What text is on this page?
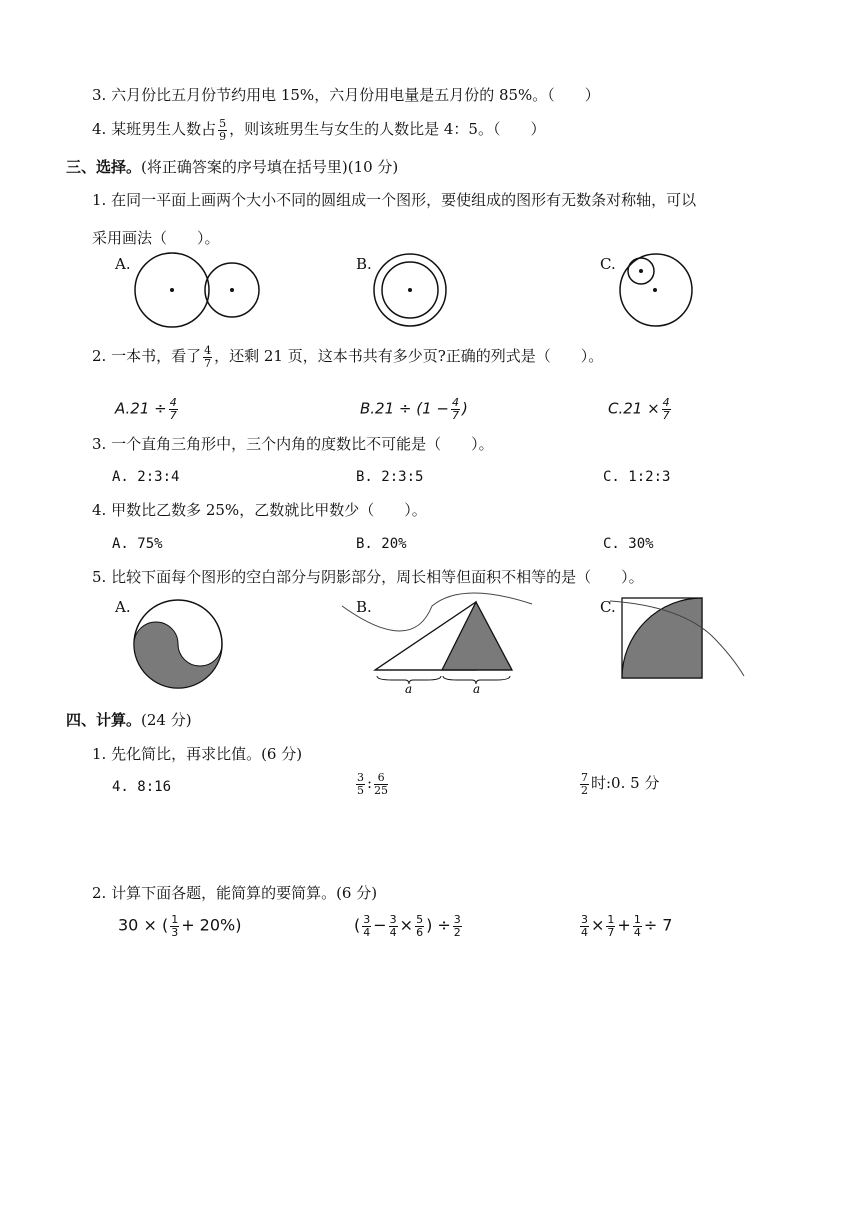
3. 六月份比五月份节约用电 15%，六月份用电量是五月份的 85%。（　　）
4. 某班男生人数占 $\frac{5}{9}$ ，则该班男生与女生的人数比是 4：5。（　　）
三、选择。(将正确答案的序号填在括号里)(10 分)
1. 在同一平面上画两个大小不同的圆组成一个图形，要使组成的图形有无数条对称轴，可以
采用画法（　　）。
A.	B.	C.
2. 一本书，看了 $\frac{4}{7}$ ，还剩 21 页，这本书共有多少页?正确的列式是（　　）。
$A.21 \div \frac{4}{7}$	$B.21 \div (1 - \frac{4}{7}$ )	$C.21 \times \frac{4}{7}$
3. 一个直角三角形中，三个内角的度数比不可能是（　　）。
A. 2:3:4	B. 2:3:5	C. 1:2:3
4. 甲数比乙数多 25%，乙数就比甲数少（　　）。
A. 75%	B. 20%	C. 30%
5. 比较下面每个图形的空白部分与阴影部分，周长相等但面积不相等的是（　　）。
A.	B.	C.
a	a
四、计算。(24 分)
1. 先化简比，再求比值。(6 分)
4. 8:16	$\frac{3}{5}$ : $\frac{6}{25}$	$\frac{7}{2}$ 时:0. 5 分
2. 计算下面各题，能简算的要简算。(6 分)
30 × ( $\frac{1}{3} + 20\%$)	( $\frac{3}{4} - \frac{3}{4} \times \frac{5}{6}$ ) ÷ $\frac{3}{2}$	$\frac{3}{4} \times \frac{1}{7} + \frac{1}{4} \div 7$
